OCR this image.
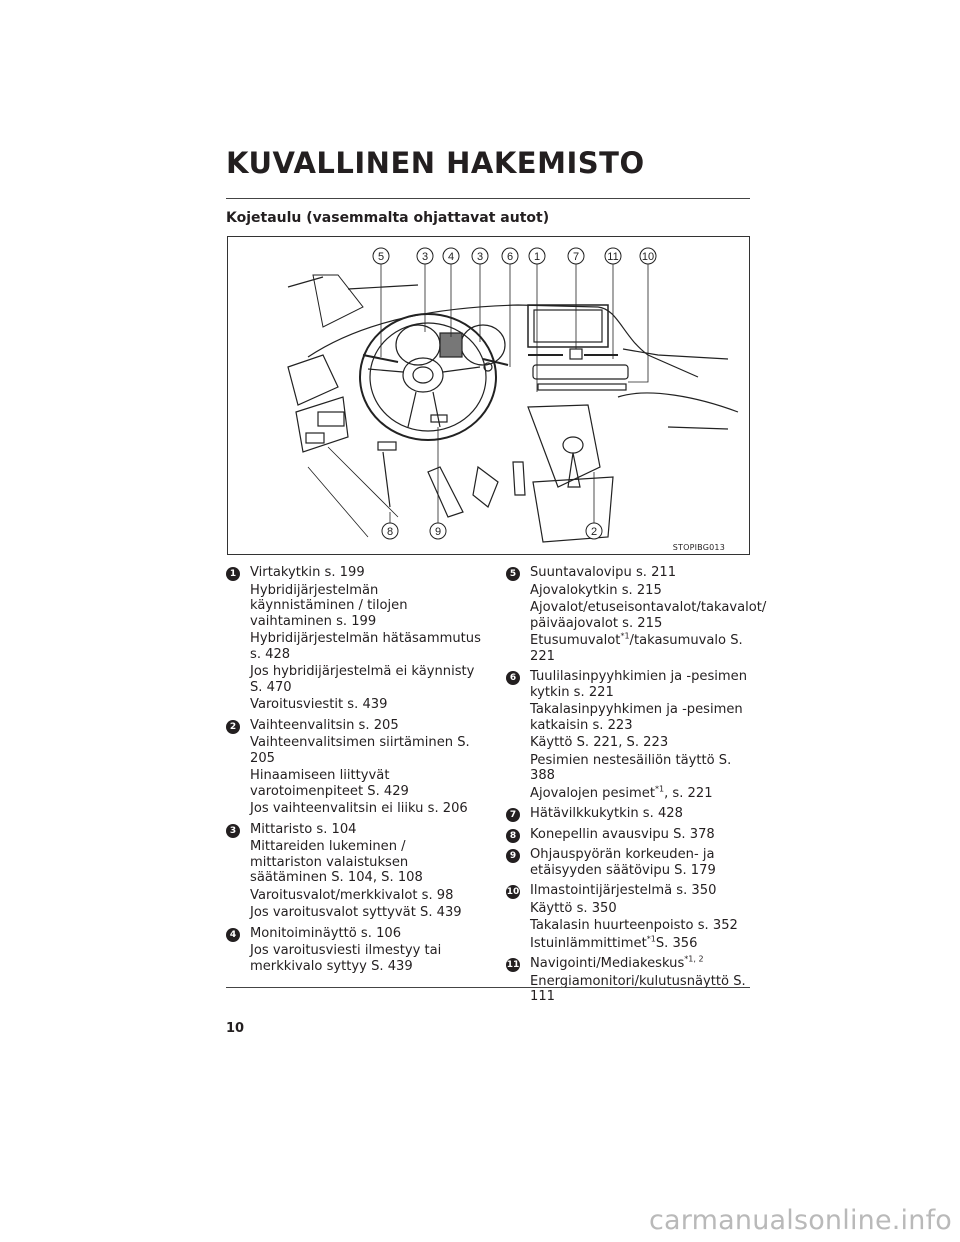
KUVALLINEN HAKEMISTO
Kojetaulu (vasemmalta ohjattavat autot)
5	3 4 3 6 1	7	11 10
8	9	2
STOPIBG013
1 Virtakytkin s. 199
Hybridijärjestelmän käynnistäminen / tilojen vaihtaminen s. 199
Hybridijärjestelmän hätäsammutus s. 428
Jos hybridijärjestelmä ei käynnisty S. 470
Varoitusviestit s. 439
2 Vaihteenvalitsin s. 205
Vaihteenvalitsimen siirtäminen S. 205
Hinaamiseen liittyvät varotoimenpiteet S. 429
Jos vaihteenvalitsin ei liiku s. 206
3 Mittaristo s. 104
Mittareiden lukeminen / mittariston valaistuksen säätäminen S. 104, S. 108
Varoitusvalot/merkkivalot s. 98
Jos varoitusvalot syttyvät S. 439
4 Monitoiminäyttö s. 106
Jos varoitusviesti ilmestyy tai merkkivalo syttyy S. 439
5 Suuntavalovipu s. 211
Ajovalokytkin s. 215
Ajovalot/etuseisontavalot/takavalot/ päiväajovalot s. 215
Etusumuvalot$^{*1}$/takasumuvalo S. 221
6 Tuulilasinpyyhkimien ja -pesimen kytkin s. 221
Takalasinpyyhkimen ja -pesimen katkaisin s. 223
Käyttö S. 221, S. 223
Pesimien nestesäiliön täyttö S. 388
Ajovalojen pesimet$^{*1}$, s. 221
7 Hätävilkkukytkin s. 428
8 Konepellin avausvipu S. 378
9 Ohjauspyörän korkeuden- ja etäisyyden säätövipu S. 179
10 Ilmastointijärjestelmä s. 350
Käyttö s. 350
Takalasin huurteenpoisto s. 352
Istuinlämmittimet$^{*1}$S. 356
11 Navigointi/Mediakeskus$^{*1, 2}$
Energiamonitori/kulutusnäyttö S. 111
10
carmanualsonline.info
